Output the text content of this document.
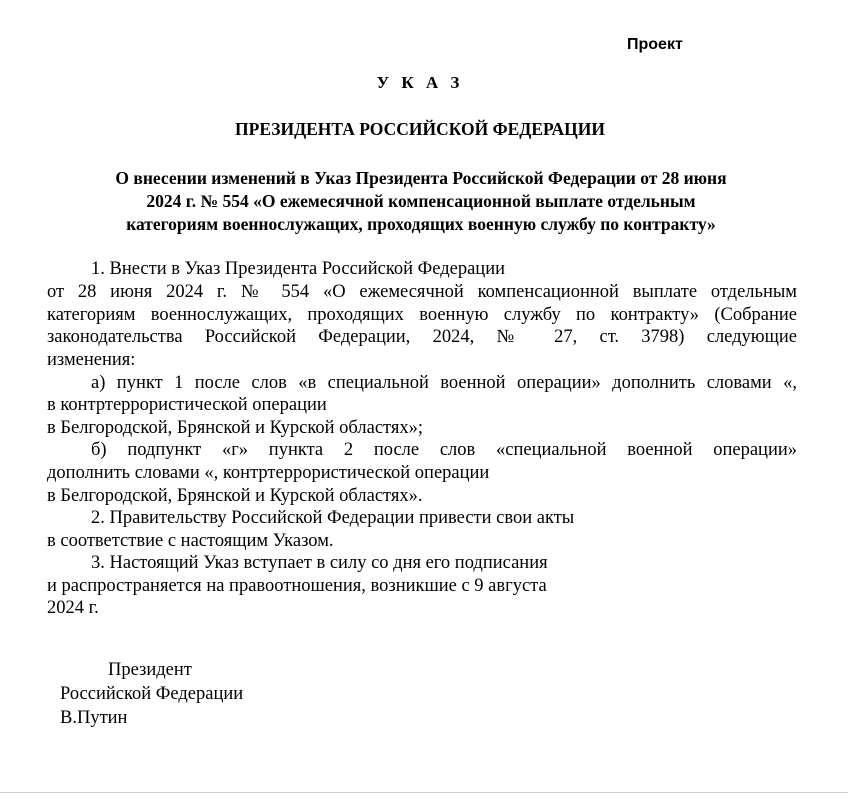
Проект
У К А З
ПРЕЗИДЕНТА РОССИЙСКОЙ ФЕДЕРАЦИИ
О внесении изменений в Указ Президента Российской Федерации от 28 июня
2024 г. № 554 «О ежемесячной компенсационной выплате отдельным
категориям военнослужащих, проходящих военную службу по контракту»
1. Внести в Указ Президента Российской Федерации
от 28 июня 2024 г. № 554 «О ежемесячной компенсационной выплате отдельным
категориям военнослужащих, проходящих военную службу по контракту» (Собрание
законодательства Российской Федерации, 2024, № 27, ст. 3798) следующие
изменения:
а) пункт 1 после слов «в специальной военной операции» дополнить словами «,
в контртеррористической операции
в Белгородской, Брянской и Курской областях»;
б) подпункт «г» пункта 2 после слов «специальной военной операции»
дополнить словами «, контртеррористической операции
в Белгородской, Брянской и Курской областях».
2. Правительству Российской Федерации привести свои акты
в соответствие с настоящим Указом.
3. Настоящий Указ вступает в силу со дня его подписания
и распространяется на правоотношения, возникшие с 9 августа
2024 г.
Президент
Российской Федерации
В.Путин
